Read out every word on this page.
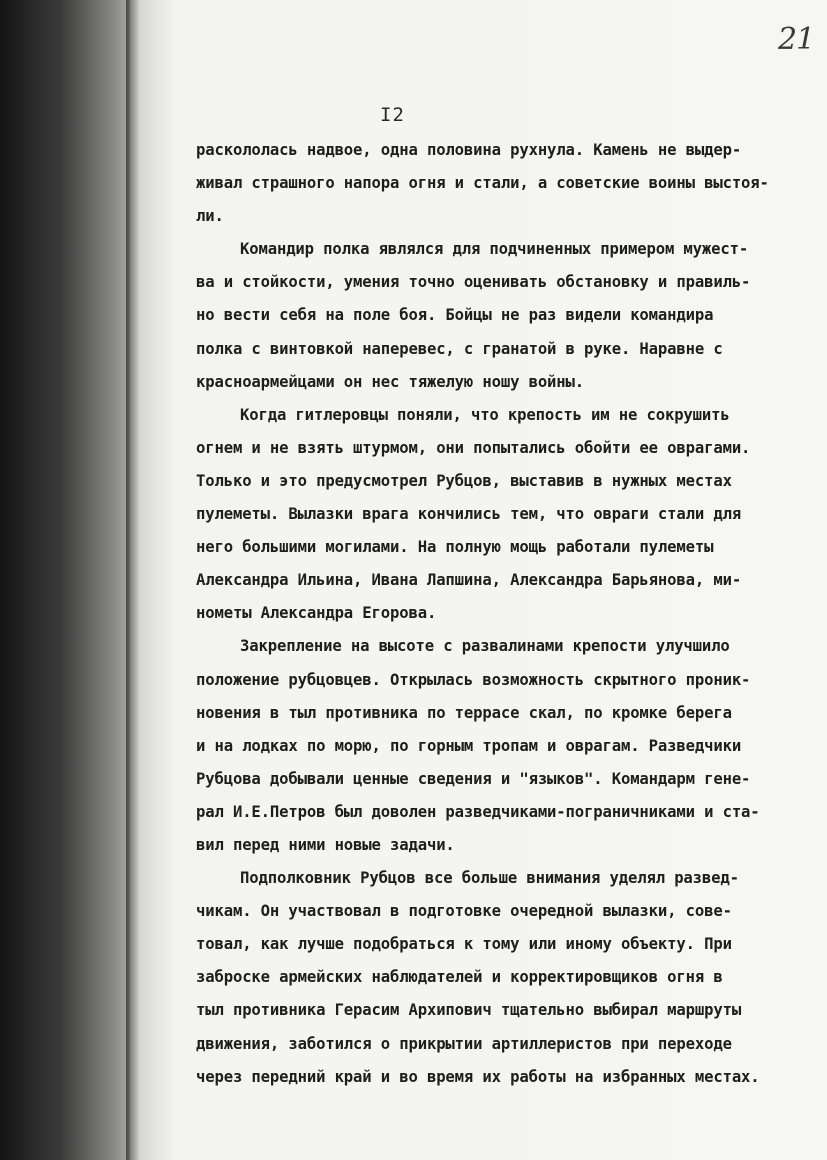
21
I2
раскололась надвое, одна половина рухнула. Камень не выдер-
живал страшного напора огня и стали, а советские воины выстоя-
ли.
Командир полка являлся для подчиненных примером мужест-
ва и стойкости, умения точно оценивать обстановку и правиль-
но вести себя на поле боя. Бойцы не раз видели командира
полка с винтовкой наперевес, с гранатой в руке. Наравне с
красноармейцами он нес тяжелую ношу войны.
Когда гитлеровцы поняли, что крепость им не сокрушить
огнем и не взять штурмом, они попытались обойти ее оврагами.
Только и это предусмотрел Рубцов, выставив в нужных местах
пулеметы. Вылазки врага кончились тем, что овраги стали для
него большими могилами. На полную мощь работали пулеметы
Александра Ильина, Ивана Лапшина, Александра Барьянова, ми-
нометы Александра Егорова.
Закрепление на высоте с развалинами крепости улучшило
положение рубцовцев. Открылась возможность скрытного проник-
новения в тыл противника по террасе скал, по кромке берега
и на лодках по морю, по горным тропам и оврагам. Разведчики
Рубцова добывали ценные сведения и "языков". Командарм гене-
рал И.Е.Петров был доволен разведчиками-пограничниками и ста-
вил перед ними новые задачи.
Подполковник Рубцов все больше внимания уделял развед-
чикам. Он участвовал в подготовке очередной вылазки, сове-
товал, как лучше подобраться к тому или иному объекту. При
заброске армейских наблюдателей и корректировщиков огня в
тыл противника Герасим Архипович тщательно выбирал маршруты
движения, заботился о прикрытии артиллеристов при переходе
через передний край и во время их работы на избранных местах.
